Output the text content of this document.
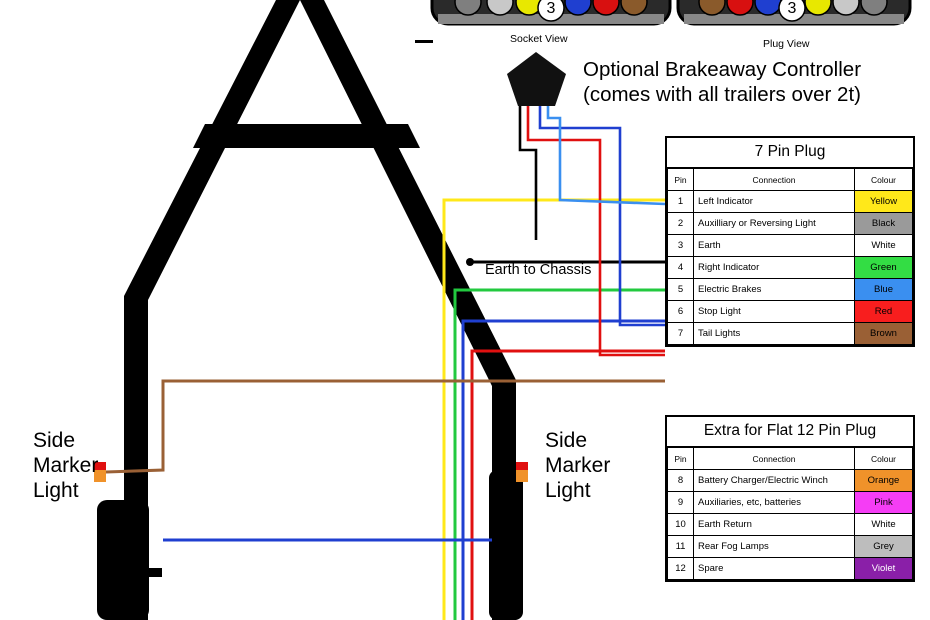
3	3
Socket View	Plug View
Optional Brakeaway Controller
(comes with all trailers over 2t)
Earth to Chassis
Side
Marker
Light
Side
Marker
Light
7 Pin Plug
Pin	Connection	Colour
1	Left Indicator	Yellow
2	Auxilliary or Reversing Light	Black
3	Earth	White
4	Right Indicator	Green
5	Electric Brakes	Blue
6	Stop Light	Red
7	Tail Lights	Brown
Extra for Flat 12 Pin Plug
Pin	Connection	Colour
8	Battery Charger/Electric Winch	Orange
9	Auxiliaries, etc, batteries	Pink
10	Earth Return	White
11	Rear Fog Lamps	Grey
12	Spare	Violet
